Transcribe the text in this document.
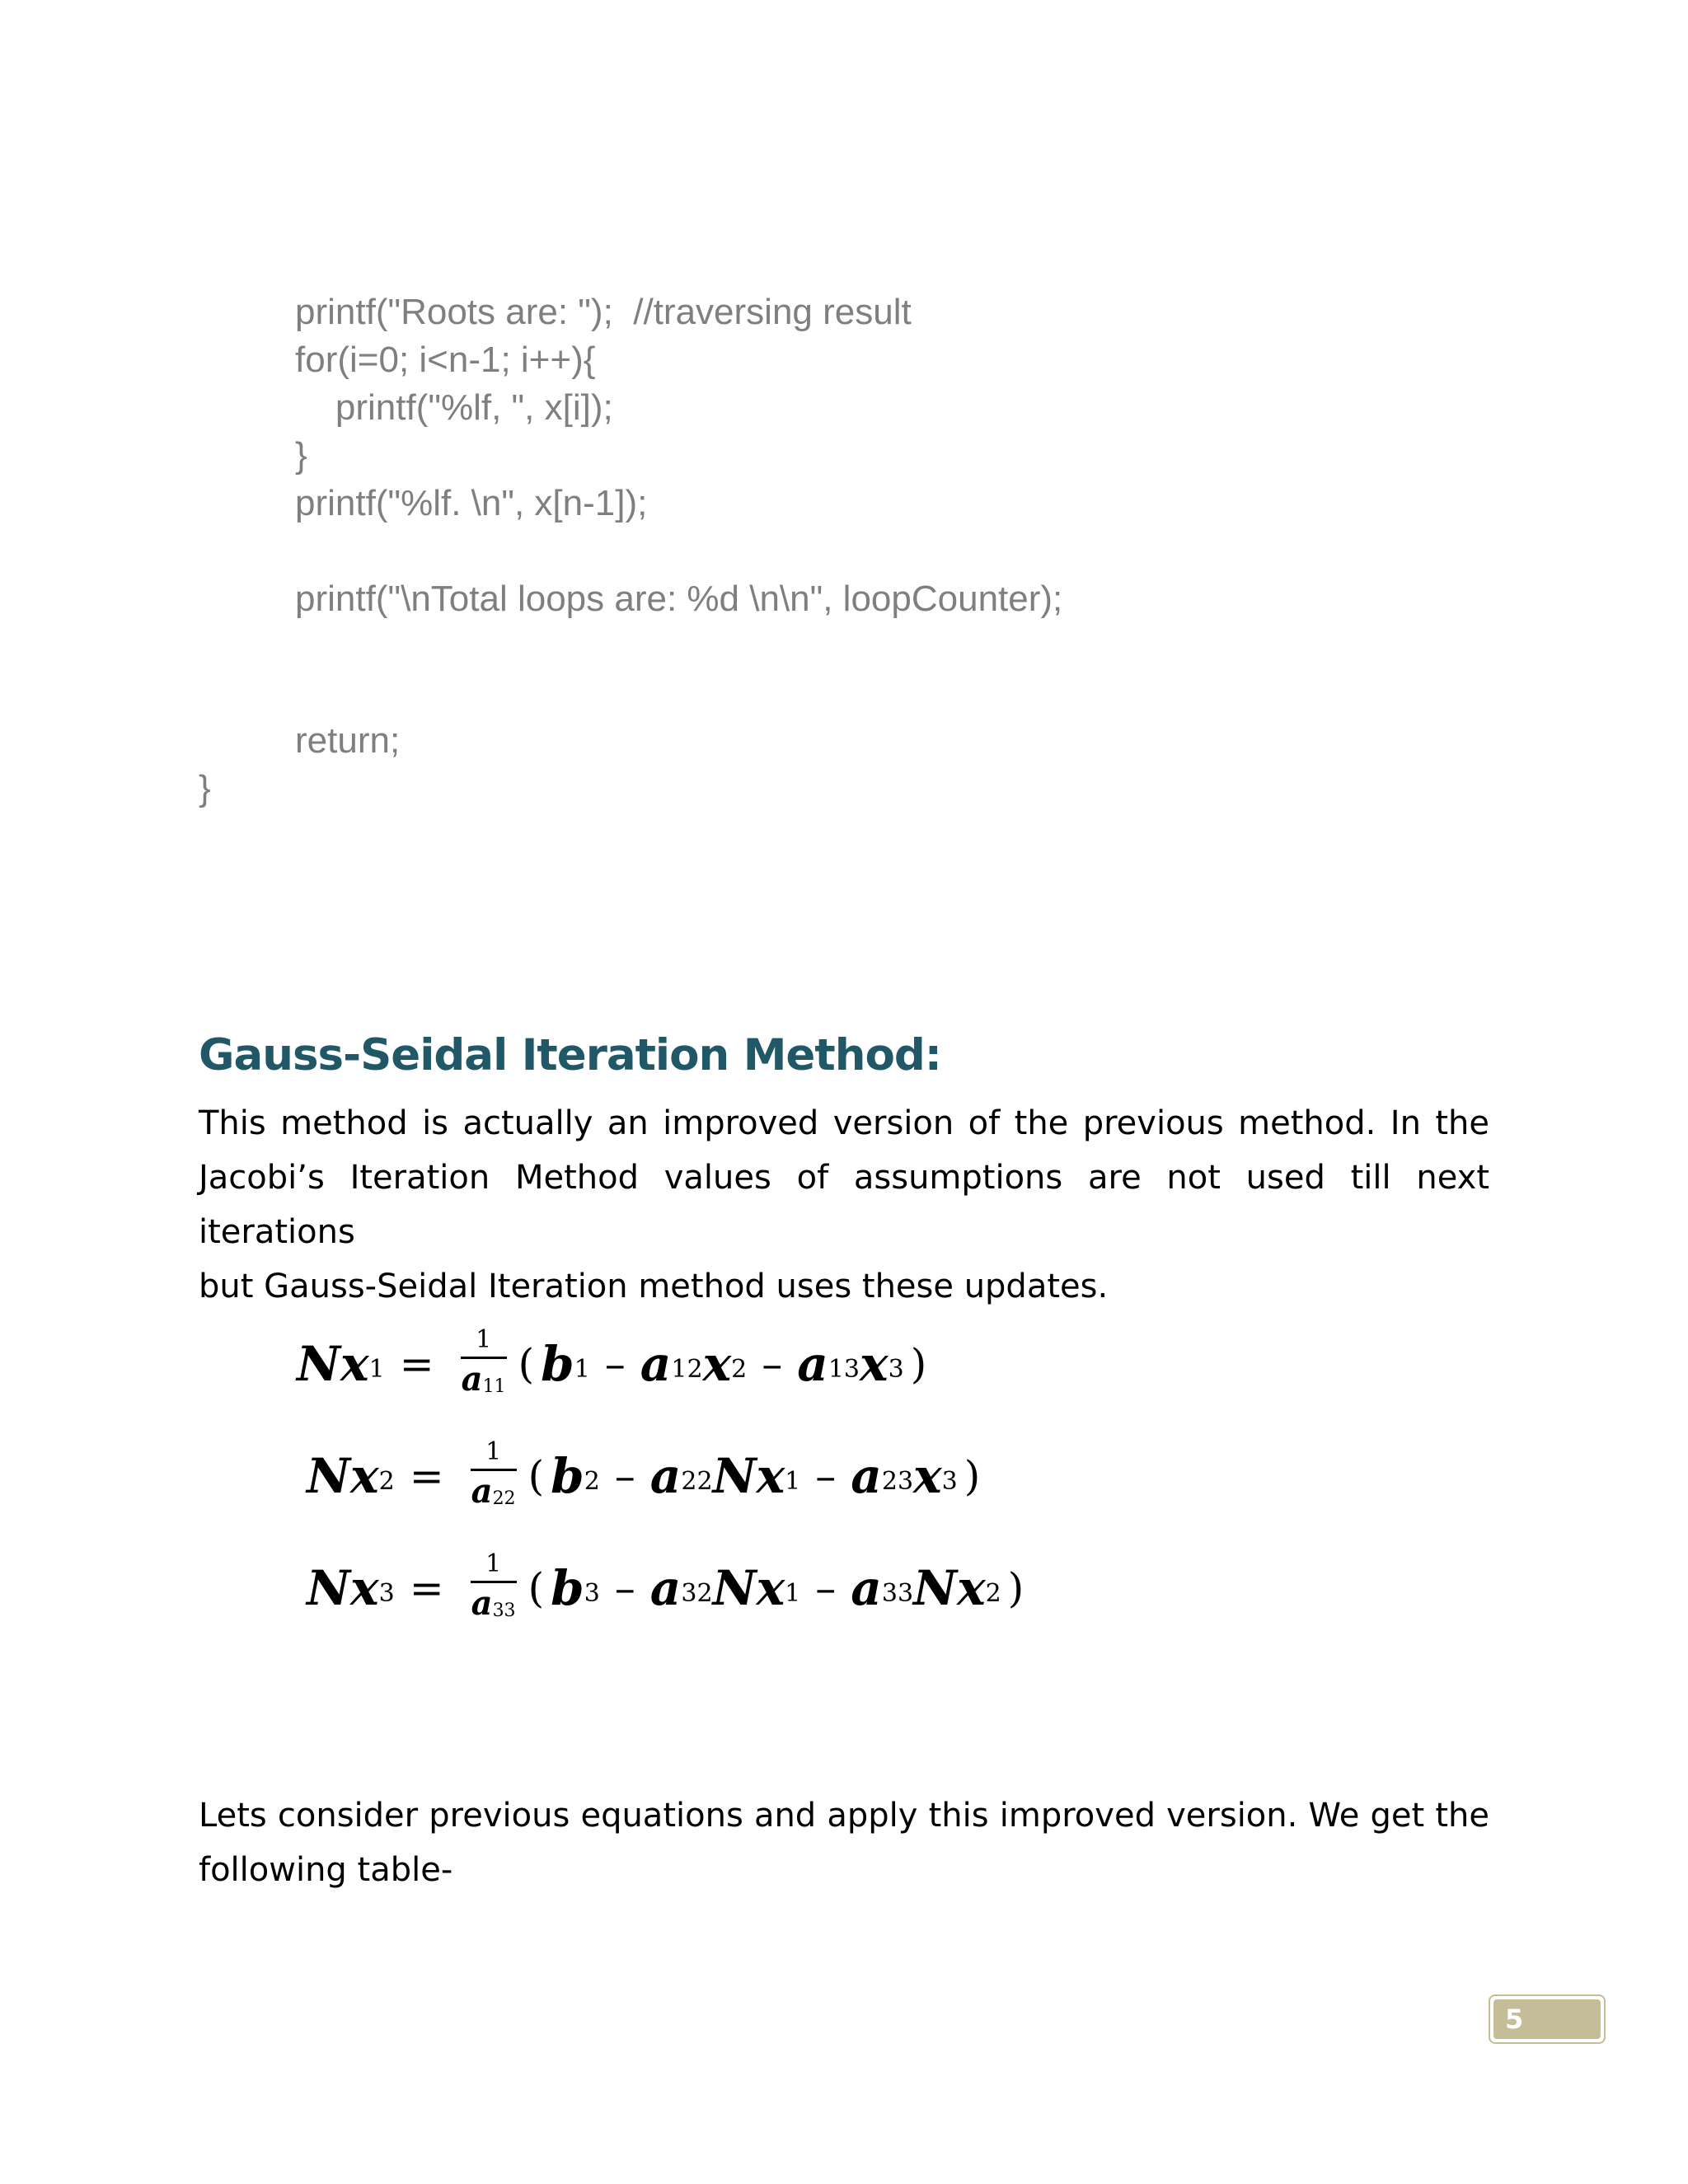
printf("Roots are: ");  //traversing result
for(i=0; i<n-1; i++){
printf("%lf, ", x[i]);
}
printf("%lf. \n", x[n-1]);
printf("\nTotal loops are: %d \n\n", loopCounter);
return;
}
Gauss-Seidal Iteration Method:
This method is actually an improved version of the previous method. In the
Jacobi’s Iteration Method values of assumptions are not used till next iterations
but Gauss-Seidal Iteration method uses these updates.
Nx $1 = \frac{1}{a11}$ ( b 1 – a 12 x 2 – a 13 x 3 )
Nx $2 = \frac{1}{a22}$ ( b 2 – a 22 Nx 1 – a 23 x 3 )
Nx $3 = \frac{1}{a33}$ ( b 3 – a 32 Nx 1 – a 33 Nx 2 )
Lets consider previous equations and apply this improved version. We get the
following table-
5
